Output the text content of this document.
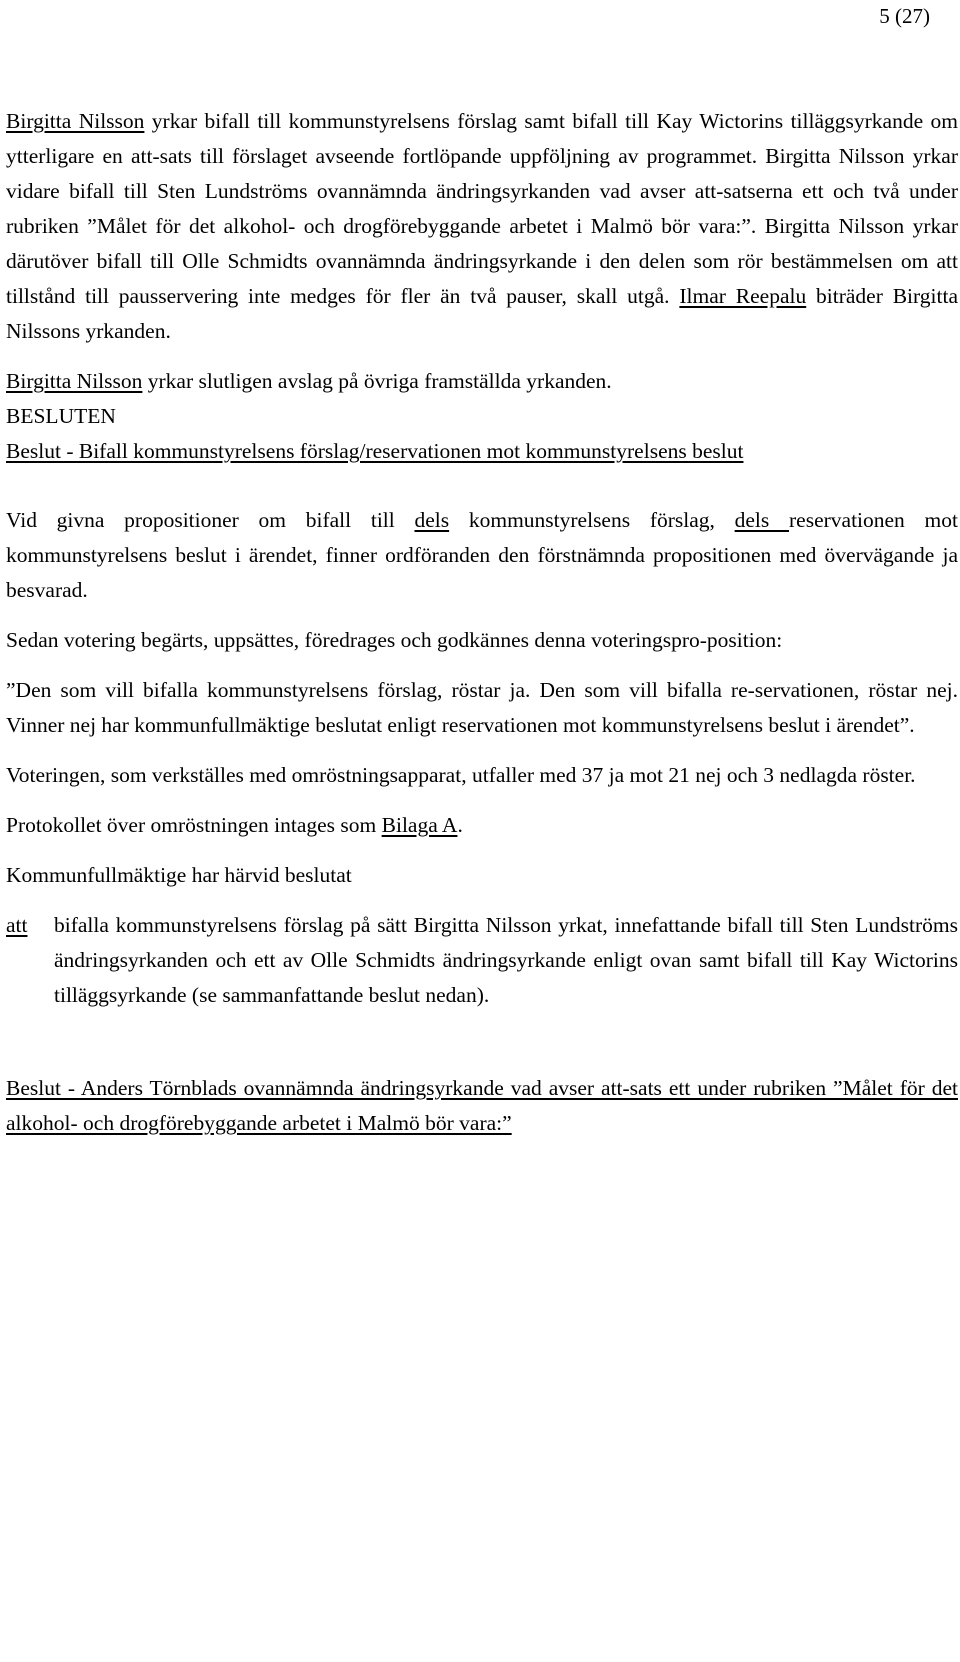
5 (27)

Birgitta Nilsson yrkar bifall till kommunstyrelsens förslag samt bifall till Kay Wictorins tilläggsyrkande om ytterligare en att-sats till förslaget avseende fortlöpande uppföljning av programmet. Birgitta Nilsson yrkar vidare bifall till Sten Lundströms ovannämnda ändringsyrkanden vad avser att-satserna ett och två under rubriken ”Målet för det alkohol- och drogförebyggande arbetet i Malmö bör vara:”. Birgitta Nilsson yrkar därutöver bifall till Olle Schmidts ovannämnda ändringsyrkande i den delen som rör bestämmelsen om att tillstånd till pausservering inte medges för fler än två pauser, skall utgå. Ilmar Reepalu biträder Birgitta Nilssons yrkanden.

Birgitta Nilsson yrkar slutligen avslag på övriga framställda yrkanden.

BESLUTEN

Beslut - Bifall kommunstyrelsens förslag/reservationen mot kommunstyrelsens beslut

Vid givna propositioner om bifall till dels kommunstyrelsens förslag, dels reservationen mot kommunstyrelsens beslut i ärendet, finner ordföranden den förstnämnda propositionen med övervägande ja besvarad.

Sedan votering begärts, uppsättes, föredrages och godkännes denna voteringspro-position:

”Den som vill bifalla kommunstyrelsens förslag, röstar ja. Den som vill bifalla re-servationen, röstar nej. Vinner nej har kommunfullmäktige beslutat enligt reservationen mot kommunstyrelsens beslut i ärendet”.

Voteringen, som verkställes med omröstningsapparat, utfaller med 37 ja mot 21 nej och 3 nedlagda röster.

Protokollet över omröstningen intages som Bilaga A.

Kommunfullmäktige har härvid beslutat

att	bifalla kommunstyrelsens förslag på sätt Birgitta Nilsson yrkat, innefattande bifall till Sten Lundströms ändringsyrkanden och ett av Olle Schmidts ändringsyrkande enligt ovan samt bifall till Kay Wictorins tilläggsyrkande (se sammanfattande beslut nedan).

Beslut - Anders Törnblads ovannämnda ändringsyrkande vad avser att-sats ett under rubriken ”Målet för det alkohol- och drogförebyggande arbetet i Malmö bör vara:”
